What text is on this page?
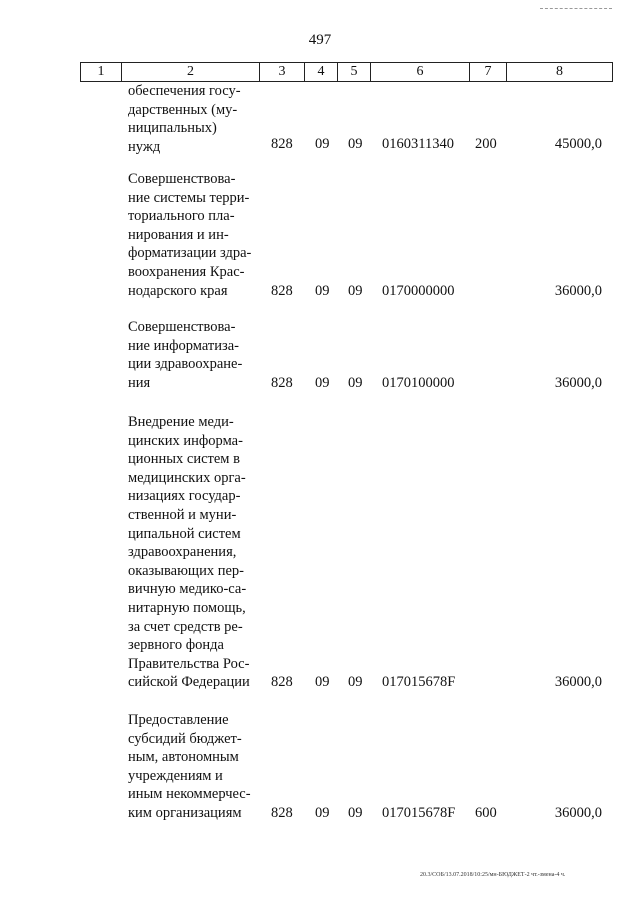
497
1	2	3	4	5	6	7	8
обеспечения госу-
дарственных (му-
ниципальных)
нужд	828 09 09 0160311340 200	45000,0
Совершенствова-
ние системы терри-
ториального пла-
нирования и ин-
форматизации здра-
воохранения Крас-
нодарского края	828 09 09 0170000000	36000,0
Совершенствова-
ние информатиза-
ции здравоохране-
ния	828 09 09 0170100000	36000,0
Внедрение меди-
цинских информа-
ционных систем в
медицинских орга-
низациях государ-
ственной и муни-
ципальной систем
здравоохранения,
оказывающих пер-
вичную медико-са-
нитарную помощь,
за счет средств ре-
зервного фонда
Правительства Рос-
сийской Федерации 828 09 09 017015678F	36000,0
Предоставление
субсидий бюджет-
ным, автономным
учреждениям и
иным некоммерчес-
ким организациям	828 09 09 017015678F 600	36000,0
20.3/СОБ/13.07.2018/10:25/мн-БЮДЖЕТ-2 чт.-змена-4 ч.
